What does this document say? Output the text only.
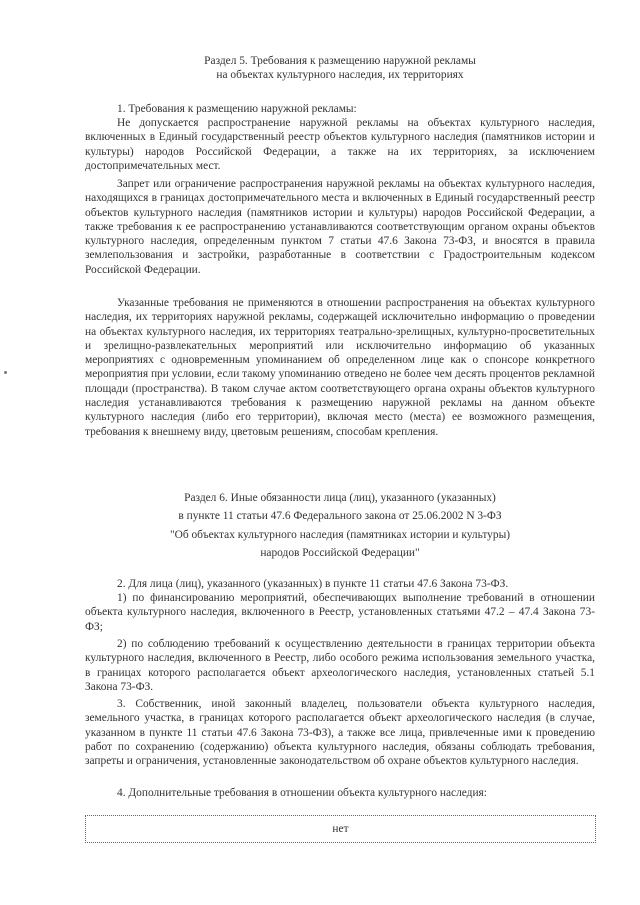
Раздел 5. Требования к размещению наружной рекламы

на объектах культурного наследия, их территориях

1. Требования к размещению наружной рекламы:
Не допускается распространение наружной рекламы на объектах культурного наследия, включенных в Единый государственный реестр объектов культурного наследия (памятников истории и культуры) народов Российской Федерации, а также на их территориях, за исключением достопримечательных мест.
Запрет или ограничение распространения наружной рекламы на объектах культурного наследия, находящихся в границах достопримечательного места и включенных в Единый государственный реестр объектов культурного наследия (памятников истории и культуры) народов Российской Федерации, а также требования к ее распространению устанавливаются соответствующим органом охраны объектов культурного наследия, определенным пунктом 7 статьи 47.6 Закона 73-ФЗ, и вносятся в правила землепользования и застройки, разработанные в соответствии с Градостроительным кодексом Российской Федерации.
Указанные требования не применяются в отношении распространения на объектах культурного наследия, их территориях наружной рекламы, содержащей исключительно информацию о проведении на объектах культурного наследия, их территориях театрально-зрелищных, культурно-просветительных и зрелищно-развлекательных мероприятий или исключительно информацию об указанных мероприятиях с одновременным упоминанием об определенном лице как о спонсоре конкретного мероприятия при условии, если такому упоминанию отведено не более чем десять процентов рекламной площади (пространства). В таком случае актом соответствующего органа охраны объектов культурного наследия устанавливаются требования к размещению наружной рекламы на данном объекте культурного наследия (либо его территории), включая место (места) ее возможного размещения, требования к внешнему виду, цветовым решениям, способам крепления.

Раздел 6. Иные обязанности лица (лиц), указанного (указанных)

в пункте 11 статьи 47.6 Федерального закона от 25.06.2002 N 3-ФЗ

"Об объектах культурного наследия (памятниках истории и культуры)

народов Российской Федерации"

2. Для лица (лиц), указанного (указанных) в пункте 11 статьи 47.6 Закона 73-ФЗ.
1) по финансированию мероприятий, обеспечивающих выполнение требований в отношении объекта культурного наследия, включенного в Реестр, установленных статьями 47.2 – 47.4 Закона 73-ФЗ;
2) по соблюдению требований к осуществлению деятельности в границах территории объекта культурного наследия, включенного в Реестр, либо особого режима использования земельного участка, в границах которого располагается объект археологического наследия, установленных статьей 5.1 Закона 73-ФЗ.
3. Собственник, иной законный владелец, пользователи объекта культурного наследия, земельного участка, в границах которого располагается объект археологического наследия (в случае, указанном в пункте 11 статьи 47.6 Закона 73-ФЗ), а также все лица, привлеченные ими к проведению работ по сохранению (содержанию) объекта культурного наследия, обязаны соблюдать требования, запреты и ограничения, установленные законодательством об охране объектов культурного наследия.
4. Дополнительные требования в отношении объекта культурного наследия:
нет
